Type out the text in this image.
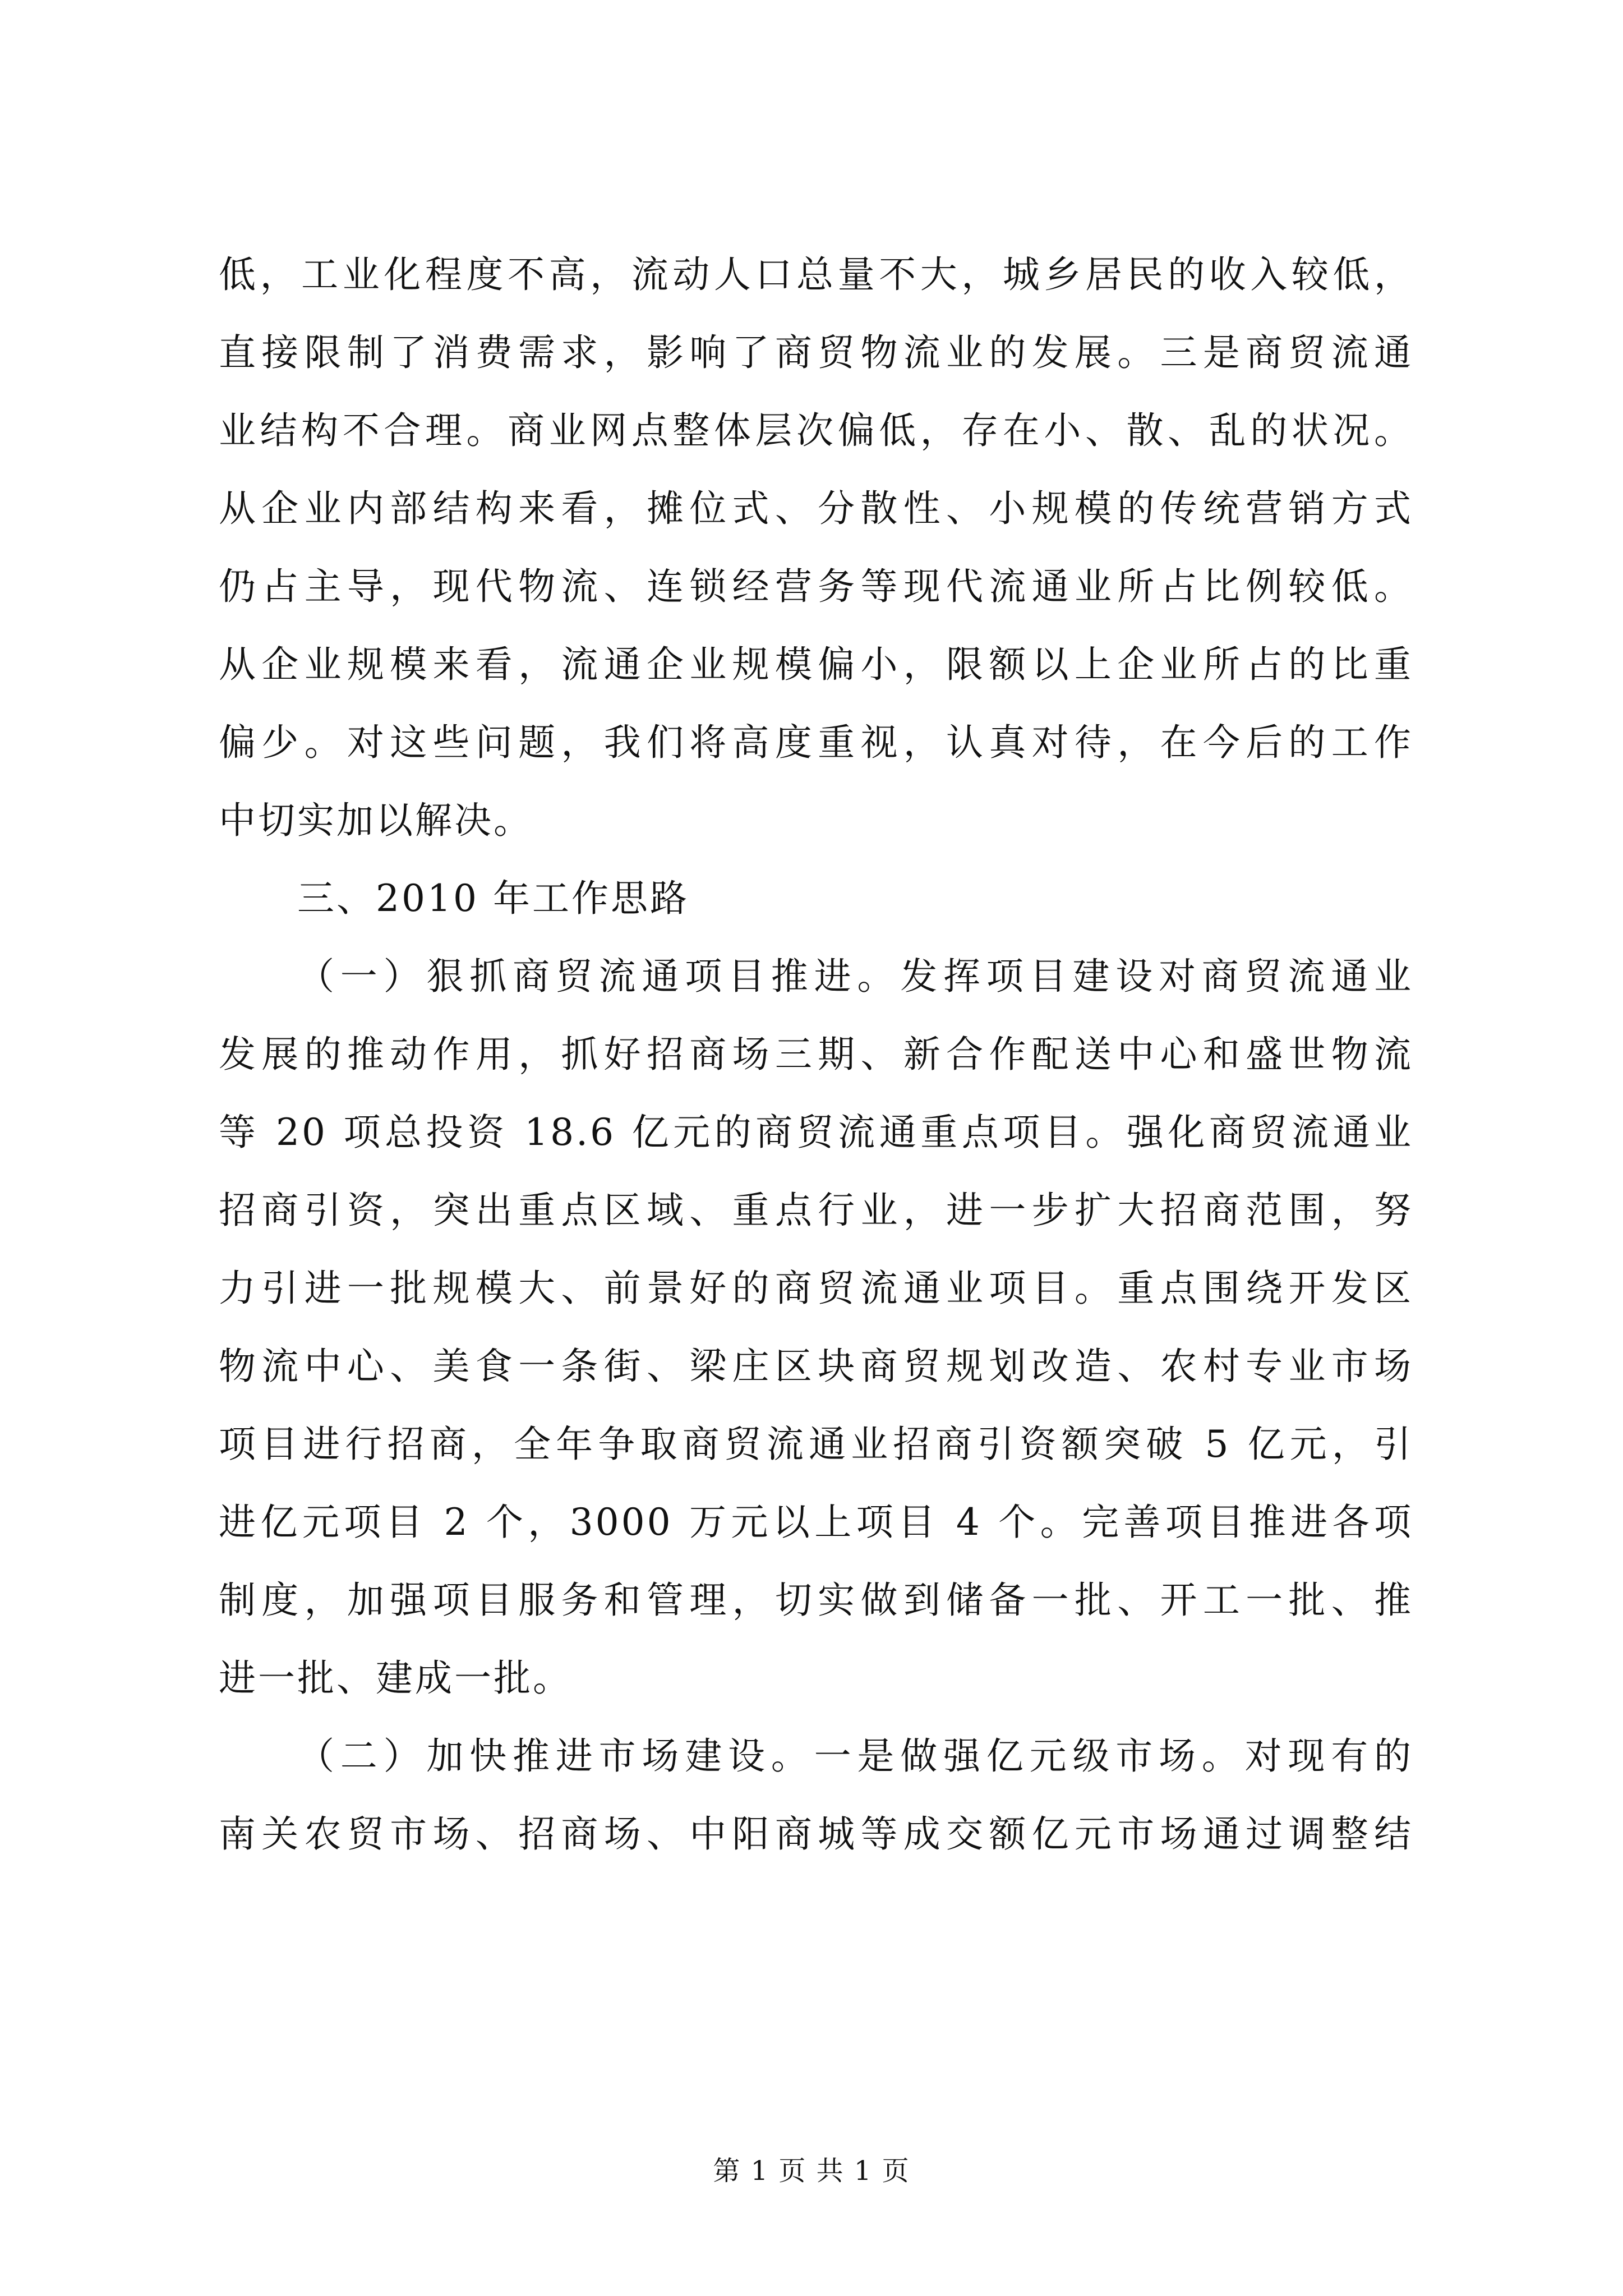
低，工业化程度不高，流动人口总量不大，城乡居民的收入较低，
直接限制了消费需求，影响了商贸物流业的发展。三是商贸流通
业结构不合理。商业网点整体层次偏低，存在小、散、乱的状况。
从企业内部结构来看，摊位式、分散性、小规模的传统营销方式
仍占主导，现代物流、连锁经营务等现代流通业所占比例较低。
从企业规模来看，流通企业规模偏小，限额以上企业所占的比重
偏少。对这些问题，我们将高度重视，认真对待，在今后的工作
中切实加以解决。
三、2010 年工作思路
（一）狠抓商贸流通项目推进。发挥项目建设对商贸流通业
发展的推动作用，抓好招商场三期、新合作配送中心和盛世物流
等 20 项总投资 18.6 亿元的商贸流通重点项目。强化商贸流通业
招商引资，突出重点区域、重点行业，进一步扩大招商范围，努
力引进一批规模大、前景好的商贸流通业项目。重点围绕开发区
物流中心、美食一条街、梁庄区块商贸规划改造、农村专业市场
项目进行招商，全年争取商贸流通业招商引资额突破 5 亿元，引
进亿元项目 2 个，3000 万元以上项目 4 个。完善项目推进各项
制度，加强项目服务和管理，切实做到储备一批、开工一批、推
进一批、建成一批。
（二）加快推进市场建设。一是做强亿元级市场。对现有的
南关农贸市场、招商场、中阳商城等成交额亿元市场通过调整结
第 1 页 共 1 页
